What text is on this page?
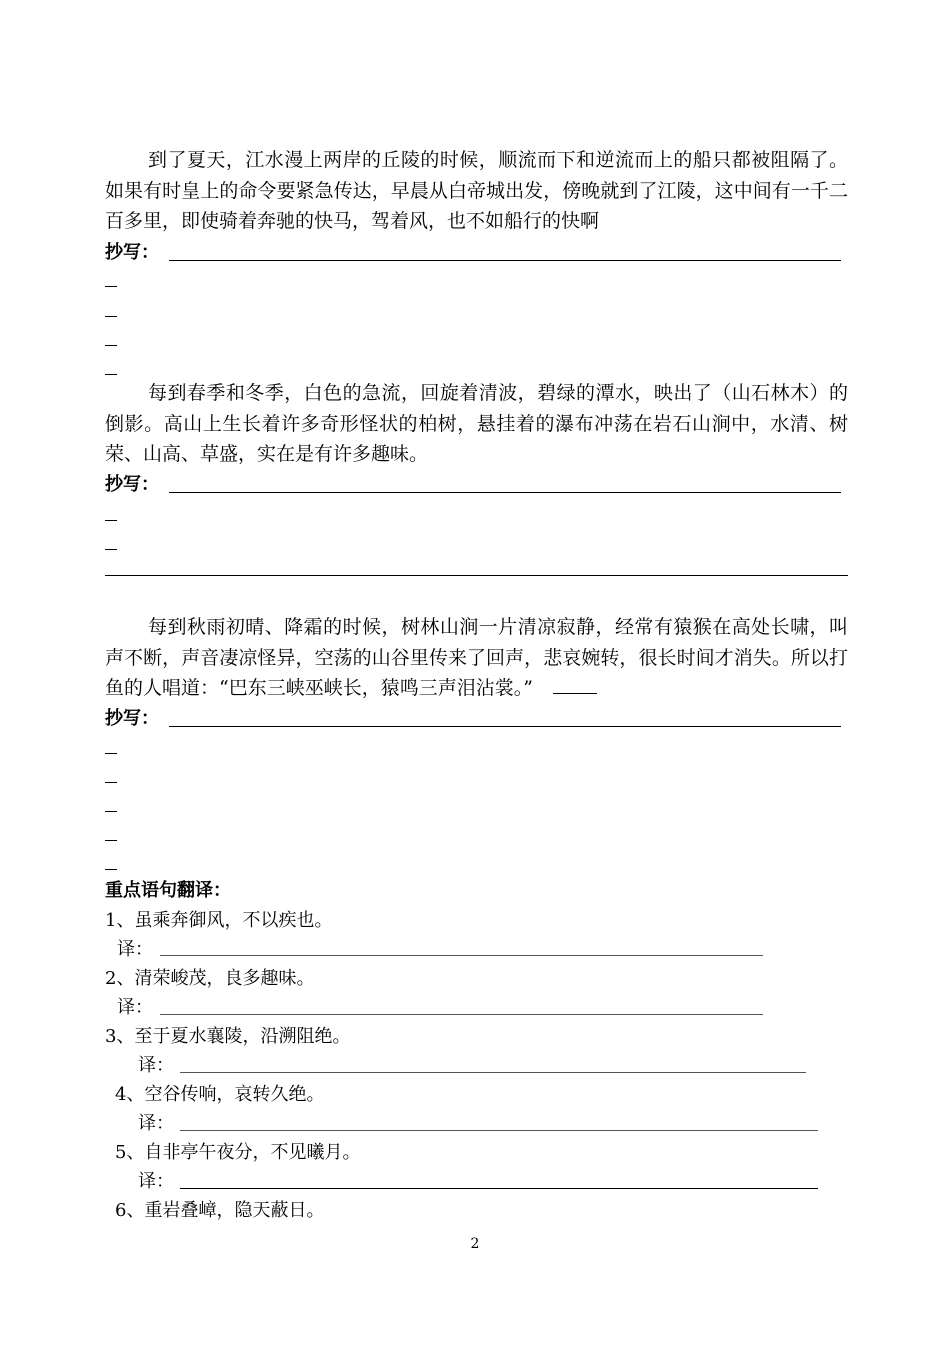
到了夏天，江水漫上两岸的丘陵的时候，顺流而下和逆流而上的船只都被阻隔了。 如果有时皇上的命令要紧急传达，早晨从白帝城出发，傍晚就到了江陵，这中间有一千二百多里，即使骑着奔驰的快马，驾着风，也不如船行的快啊

抄写：

每到春季和冬季，白色的急流，回旋着清波，碧绿的潭水，映出了（山石林木）的倒影。高山上生长着许多奇形怪状的柏树，悬挂着的瀑布冲荡在岩石山涧中，水清、树荣、山高、草盛，实在是有许多趣味。

抄写：

每到秋雨初晴、降霜的时候，树林山涧一片清凉寂静，经常有猿猴在高处长啸，叫声不断，声音凄凉怪异，空荡的山谷里传来了回声，悲哀婉转，很长时间才消失。所以打鱼的人唱道：“巴东三峡巫峡长，猿鸣三声泪沾裳。”

抄写：
重点语句翻译：
1、虽乘奔御风，不以疾也。
译：
2、清荣峻茂，良多趣味。
译：
3、至于夏水襄陵，沿溯阻绝。
译：
4、空谷传响，哀转久绝。
译：
5、自非亭午夜分，不见曦月。
译：
6、重岩叠嶂，隐天蔽日。
2
